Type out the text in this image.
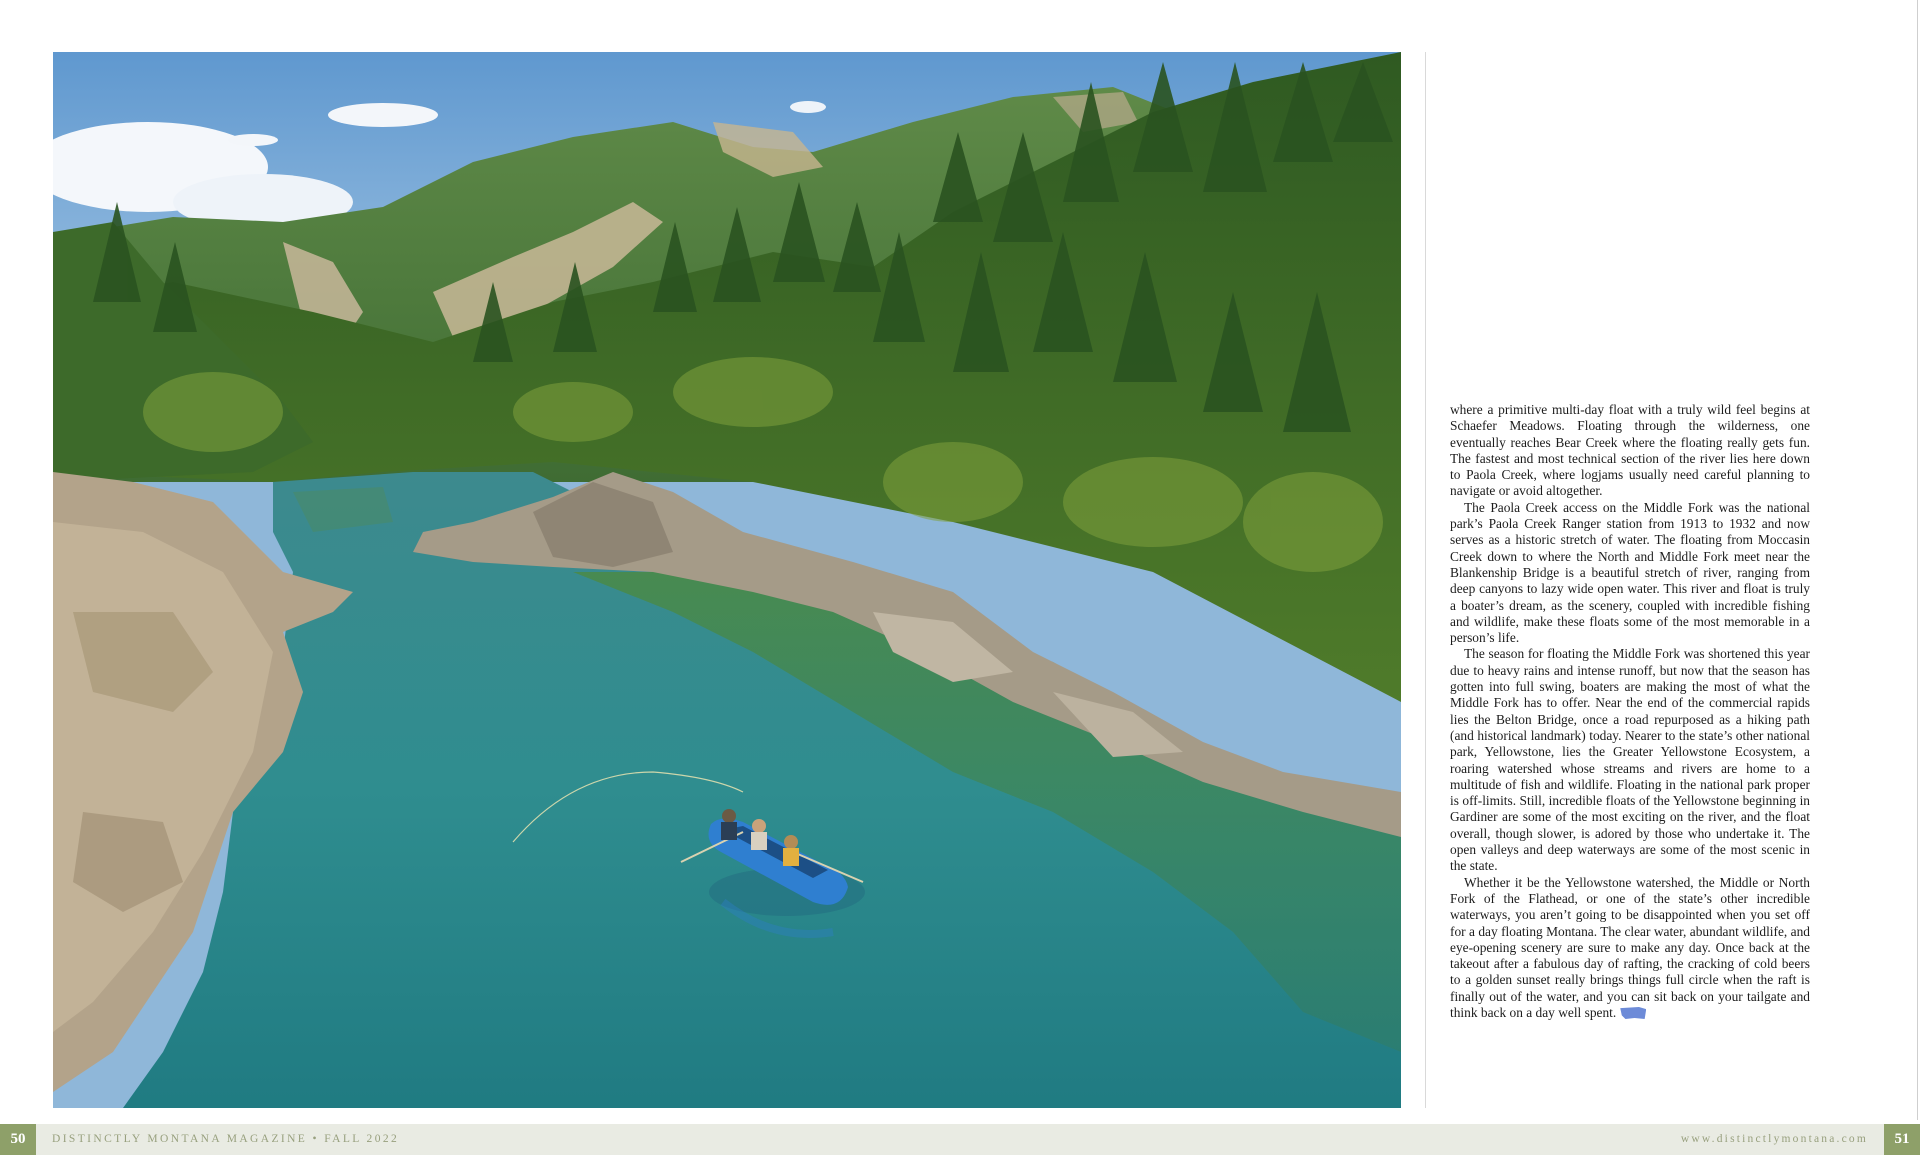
where a primitive multi-day float with a truly wild feel begins at Schaefer Meadows. Floating through the wilderness, one eventually reaches Bear Creek where the floating really gets fun. The fastest and most technical section of the river lies here down to Paola Creek, where logjams usually need careful planning to navigate or avoid altogether.

The Paola Creek access on the Middle Fork was the national park’s Paola Creek Ranger station from 1913 to 1932 and now serves as a historic stretch of water. The floating from Moccasin Creek down to where the North and Middle Fork meet near the Blankenship Bridge is a beautiful stretch of river, ranging from deep canyons to lazy wide open water. This river and float is truly a boater’s dream, as the scenery, coupled with incredible fishing and wildlife, make these floats some of the most memorable in a person’s life.

The season for floating the Middle Fork was shortened this year due to heavy rains and intense runoff, but now that the season has gotten into full swing, boaters are making the most of what the Middle Fork has to offer. Near the end of the commercial rapids lies the Belton Bridge, once a road repurposed as a hiking path (and historical landmark) today. Nearer to the state’s other national park, Yellowstone, lies the Greater Yellowstone Ecosystem, a roaring watershed whose streams and rivers are home to a multitude of fish and wildlife. Floating in the national park proper is off-limits. Still, incredible floats of the Yellowstone beginning in Gardiner are some of the most exciting on the river, and the float overall, though slower, is adored by those who undertake it. The open valleys and deep waterways are some of the most scenic in the state.

Whether it be the Yellowstone watershed, the Middle or North Fork of the Flathead, or one of the state’s other incredible waterways, you aren’t going to be disappointed when you set off for a day floating Montana. The clear water, abundant wildlife, and eye-opening scenery are sure to make any day. Once back at the takeout after a fabulous day of rafting, the cracking of cold beers to a golden sunset really brings things full circle when the raft is finally out of the water, and you can sit back on your tailgate and think back on a day well spent.

50	DISTINCTLY MONTANA MAGAZINE • FALL 2022	www.distinctlymontana.com	51
